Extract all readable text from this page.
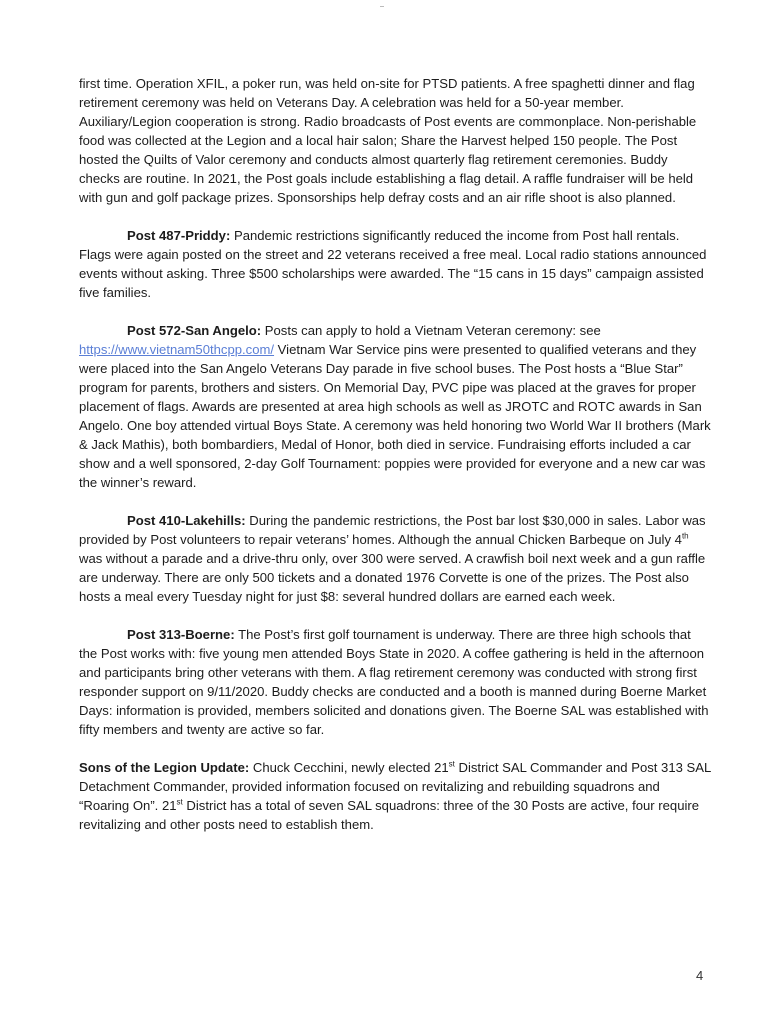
first time. Operation XFIL, a poker run, was held on-site for PTSD patients. A free spaghetti dinner and flag retirement ceremony was held on Veterans Day. A celebration was held for a 50-year member. Auxiliary/Legion cooperation is strong. Radio broadcasts of Post events are commonplace. Non-perishable food was collected at the Legion and a local hair salon; Share the Harvest helped 150 people. The Post hosted the Quilts of Valor ceremony and conducts almost quarterly flag retirement ceremonies. Buddy checks are routine. In 2021, the Post goals include establishing a flag detail. A raffle fundraiser will be held with gun and golf package prizes. Sponsorships help defray costs and an air rifle shoot is also planned.

Post 487-Priddy: Pandemic restrictions significantly reduced the income from Post hall rentals. Flags were again posted on the street and 22 veterans received a free meal. Local radio stations announced events without asking. Three $500 scholarships were awarded. The “15 cans in 15 days” campaign assisted five families.

Post 572-San Angelo: Posts can apply to hold a Vietnam Veteran ceremony: see https://www.vietnam50thcpp.com/ Vietnam War Service pins were presented to qualified veterans and they were placed into the San Angelo Veterans Day parade in five school buses. The Post hosts a “Blue Star” program for parents, brothers and sisters. On Memorial Day, PVC pipe was placed at the graves for proper placement of flags. Awards are presented at area high schools as well as JROTC and ROTC awards in San Angelo. One boy attended virtual Boys State. A ceremony was held honoring two World War II brothers (Mark & Jack Mathis), both bombardiers, Medal of Honor, both died in service. Fundraising efforts included a car show and a well sponsored, 2-day Golf Tournament: poppies were provided for everyone and a new car was the winner’s reward.

Post 410-Lakehills: During the pandemic restrictions, the Post bar lost $30,000 in sales. Labor was provided by Post volunteers to repair veterans’ homes. Although the annual Chicken Barbeque on July 4th was without a parade and a drive-thru only, over 300 were served. A crawfish boil next week and a gun raffle are underway. There are only 500 tickets and a donated 1976 Corvette is one of the prizes. The Post also hosts a meal every Tuesday night for just $8: several hundred dollars are earned each week.

Post 313-Boerne: The Post’s first golf tournament is underway. There are three high schools that the Post works with: five young men attended Boys State in 2020. A coffee gathering is held in the afternoon and participants bring other veterans with them. A flag retirement ceremony was conducted with strong first responder support on 9/11/2020. Buddy checks are conducted and a booth is manned during Boerne Market Days: information is provided, members solicited and donations given. The Boerne SAL was established with fifty members and twenty are active so far.

Sons of the Legion Update: Chuck Cecchini, newly elected 21st District SAL Commander and Post 313 SAL Detachment Commander, provided information focused on revitalizing and rebuilding squadrons and “Roaring On”. 21st District has a total of seven SAL squadrons: three of the 30 Posts are active, four require revitalizing and other posts need to establish them.

4
